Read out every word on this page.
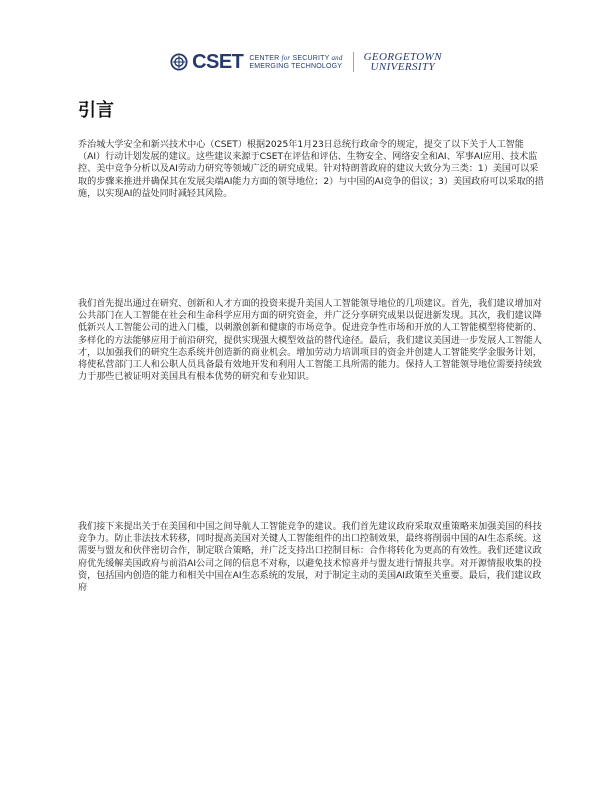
CSET CENTER for SECURITY and
EMERGING TECHNOLOGY
GEORGETOWN
UNIVERSITY
引言

乔治城大学安全和新兴技术中心（CSET）根据2025年1月23日总统行政命令的规定，提交了以下关于人工智能（AI）行动计划发展的建议。这些建议来源于CSET在评估和评估、生物安全、网络安全和AI、军事AI应用、技术监控、美中竞争分析以及AI劳动力研究等领域广泛的研究成果。针对特朗普政府的建议大致分为三类：1）美国可以采取的步骤来推进并确保其在发展尖端AI能力方面的领导地位；2）与中国的AI竞争的倡议；3）美国政府可以采取的措施，以实现AI的益处同时减轻其风险。

我们首先提出通过在研究、创新和人才方面的投资来提升美国人工智能领导地位的几项建议。首先，我们建议增加对公共部门在人工智能在社会和生命科学应用方面的研究资金，并广泛分享研究成果以促进新发现。其次，我们建议降低新兴人工智能公司的进入门槛，以刺激创新和健康的市场竞争。促进竞争性市场和开放的人工智能模型将使新的、多样化的方法能够应用于前沿研究，提供实现强大模型效益的替代途径。最后，我们建议美国进一步发展人工智能人才，以加强我们的研究生态系统并创造新的商业机会。增加劳动力培训项目的资金并创建人工智能奖学金服务计划，将使私营部门工人和公职人员具备最有效地开发和利用人工智能工具所需的能力。保持人工智能领导地位需要持续致力于那些已被证明对美国具有根本优势的研究和专业知识。

我们接下来提出关于在美国和中国之间导航人工智能竞争的建议。我们首先建议政府采取双重策略来加强美国的科技竞争力。防止非法技术转移，同时提高美国对关键人工智能组件的出口控制效果，最终将削弱中国的AI生态系统。这需要与盟友和伙伴密切合作，制定联合策略，并广泛支持出口控制目标：合作将转化为更高的有效性。我们还建议政府优先缓解美国政府与前沿AI公司之间的信息不对称，以避免技术惊喜并与盟友进行情报共享。对开源情报收集的投资，包括国内创造的能力和相关中国在AI生态系统的发展，对于制定主动的美国AI政策至关重要。最后，我们建议政府
